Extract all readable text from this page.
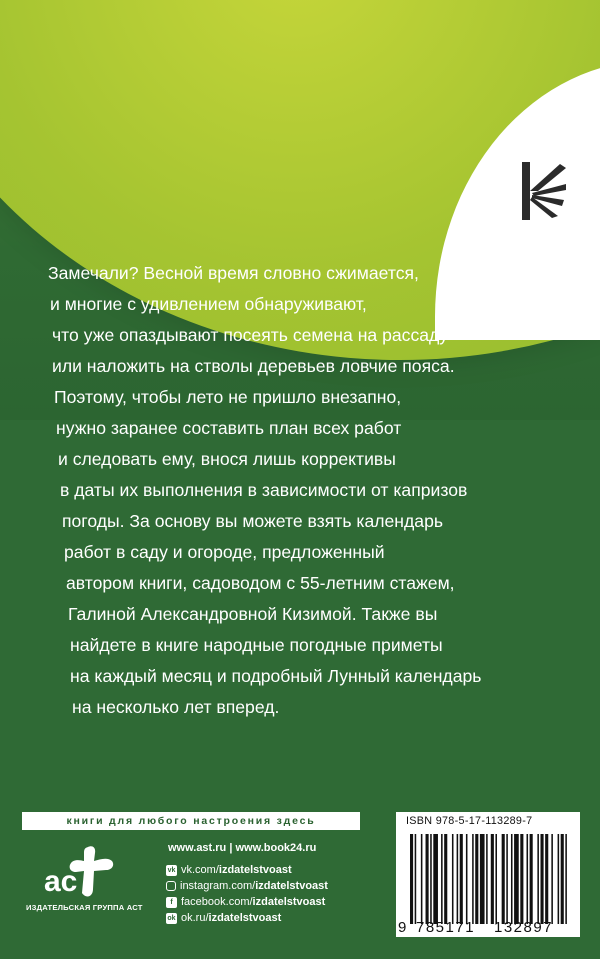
Замечали? Весной время словно сжимается,
и многие с удивлением обнаруживают,
что уже опаздывают посеять семена на рассаду
или наложить на стволы деревьев ловчие пояса.
Поэтому, чтобы лето не пришло внезапно,
нужно заранее составить план всех работ
и следовать ему, внося лишь коррективы
в даты их выполнения в зависимости от капризов
погоды. За основу вы можете взять календарь
работ в саду и огороде, предложенный
автором книги, садоводом с 55-летним стажем,
Галиной Александровной Кизимой. Также вы
найдете в книге народные погодные приметы
на каждый месяц и подробный Лунный календарь
на несколько лет вперед.
книги для любого настроения здесь
ac
ИЗДАТЕЛЬСКАЯ ГРУППА АСТ
www.ast.ru | www.book24.ru
vk vk.com/ izdatelstvoast
instagram.com/ izdatelstvoast
f facebook.com/ izdatelstvoast
ok ok.ru/ izdatelstvoast
ISBN 978-5-17-113289-7
9 785171 132897
